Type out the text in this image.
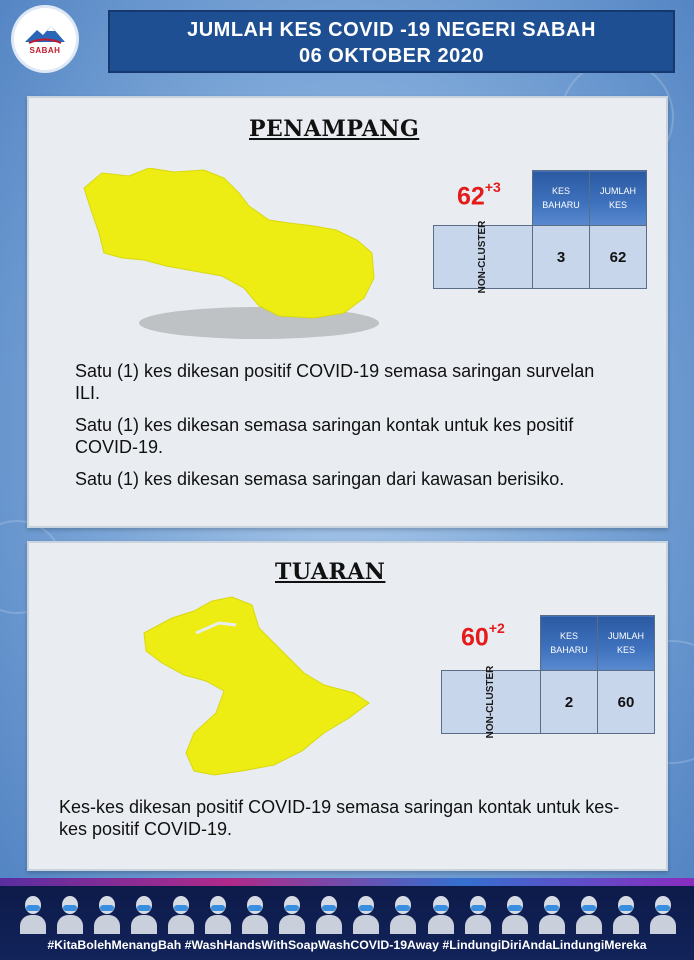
SABAH
JUMLAH KES COVID -19 NEGERI SABAH
06 OKTOBER 2020
PENAMPANG
$62^{+3}$
		KES BAHARU	JUMLAH KES

NON-CLUSTER	3	62
Satu (1) kes dikesan positif COVID-19 semasa saringan survelan ILI.
Satu (1) kes dikesan semasa saringan kontak untuk kes positif COVID-19.
Satu (1) kes dikesan semasa saringan dari kawasan berisiko.
TUARAN
$60^{+2}$
		KES BAHARU	JUMLAH KES

NON-CLUSTER	2	60
Kes-kes dikesan positif COVID-19 semasa saringan kontak untuk kes-kes positif COVID-19.
#KitaBolehMenangBah #WashHandsWithSoapWashCOVID-19Away #LindungiDiriAndaLindungiMereka
